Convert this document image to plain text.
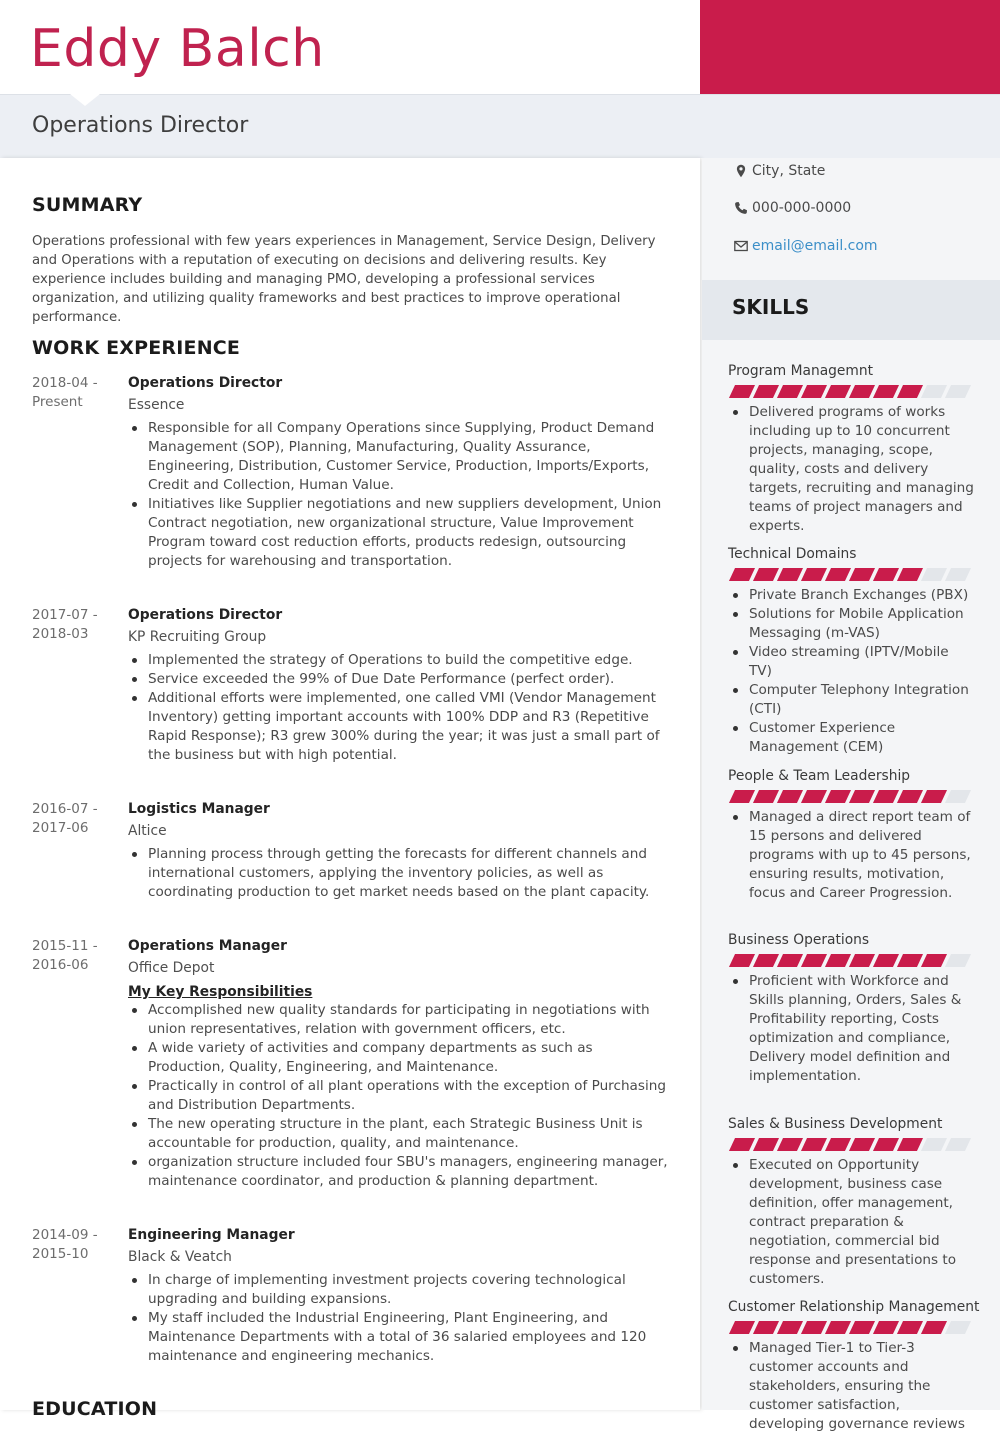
Eddy Balch
Operations Director
SUMMARY

Operations professional with few years experiences in Management, Service Design, Delivery and Operations with a reputation of executing on decisions and delivering results. Key experience includes building and managing PMO, developing a professional services organization, and utilizing quality frameworks and best practices to improve operational performance.

WORK EXPERIENCE
2018-04 - Present
Operations Director
Essence
Responsible for all Company Operations since Supplying, Product Demand Management (SOP), Planning, Manufacturing, Quality Assurance, Engineering, Distribution, Customer Service, Production, Imports/Exports, Credit and Collection, Human Value.
Initiatives like Supplier negotiations and new suppliers development, Union Contract negotiation, new organizational structure, Value Improvement Program toward cost reduction efforts, products redesign, outsourcing projects for warehousing and transportation.
2017-07 - 2018-03
Operations Director
KP Recruiting Group
Implemented the strategy of Operations to build the competitive edge.
Service exceeded the 99% of Due Date Performance (perfect order).
Additional efforts were implemented, one called VMI (Vendor Management Inventory) getting important accounts with 100% DDP and R3 (Repetitive Rapid Response); R3 grew 300% during the year; it was just a small part of the business but with high potential.
2016-07 - 2017-06
Logistics Manager
Altice
Planning process through getting the forecasts for different channels and international customers, applying the inventory policies, as well as coordinating production to get market needs based on the plant capacity.
2015-11 - 2016-06
Operations Manager
Office Depot
My Key Responsibilities
Accomplished new quality standards for participating in negotiations with union representatives, relation with government officers, etc.
A wide variety of activities and company departments as such as Production, Quality, Engineering, and Maintenance.
Practically in control of all plant operations with the exception of Purchasing and Distribution Departments.
The new operating structure in the plant, each Strategic Business Unit is accountable for production, quality, and maintenance.
organization structure included four SBU's managers, engineering manager, maintenance coordinator, and production & planning department.
2014-09 - 2015-10
Engineering Manager
Black & Veatch
In charge of implementing investment projects covering technological upgrading and building expansions.
My staff included the Industrial Engineering, Plant Engineering, and Maintenance Departments with a total of 36 salaried employees and 120 maintenance and engineering mechanics.
EDUCATION
City, State
000-000-0000
email@email.com
SKILLS
Program Managemnt
Delivered programs of works including up to 10 concurrent projects, managing, scope, quality, costs and delivery targets, recruiting and managing teams of project managers and experts.
Technical Domains
Private Branch Exchanges (PBX)
Solutions for Mobile Application Messaging (m-VAS)
Video streaming (IPTV/Mobile TV)
Computer Telephony Integration (CTI)
Customer Experience Management (CEM)
People & Team Leadership
Managed a direct report team of 15 persons and delivered programs with up to 45 persons, ensuring results, motivation, focus and Career Progression.
Business Operations
Proficient with Workforce and Skills planning, Orders, Sales & Profitability reporting, Costs optimization and compliance, Delivery model definition and implementation.
Sales & Business Development
Executed on Opportunity development, business case definition, offer management, contract preparation & negotiation, commercial bid response and presentations to customers.
Customer Relationship Management
Managed Tier-1 to Tier-3 customer accounts and stakeholders, ensuring the customer satisfaction, developing governance reviews
